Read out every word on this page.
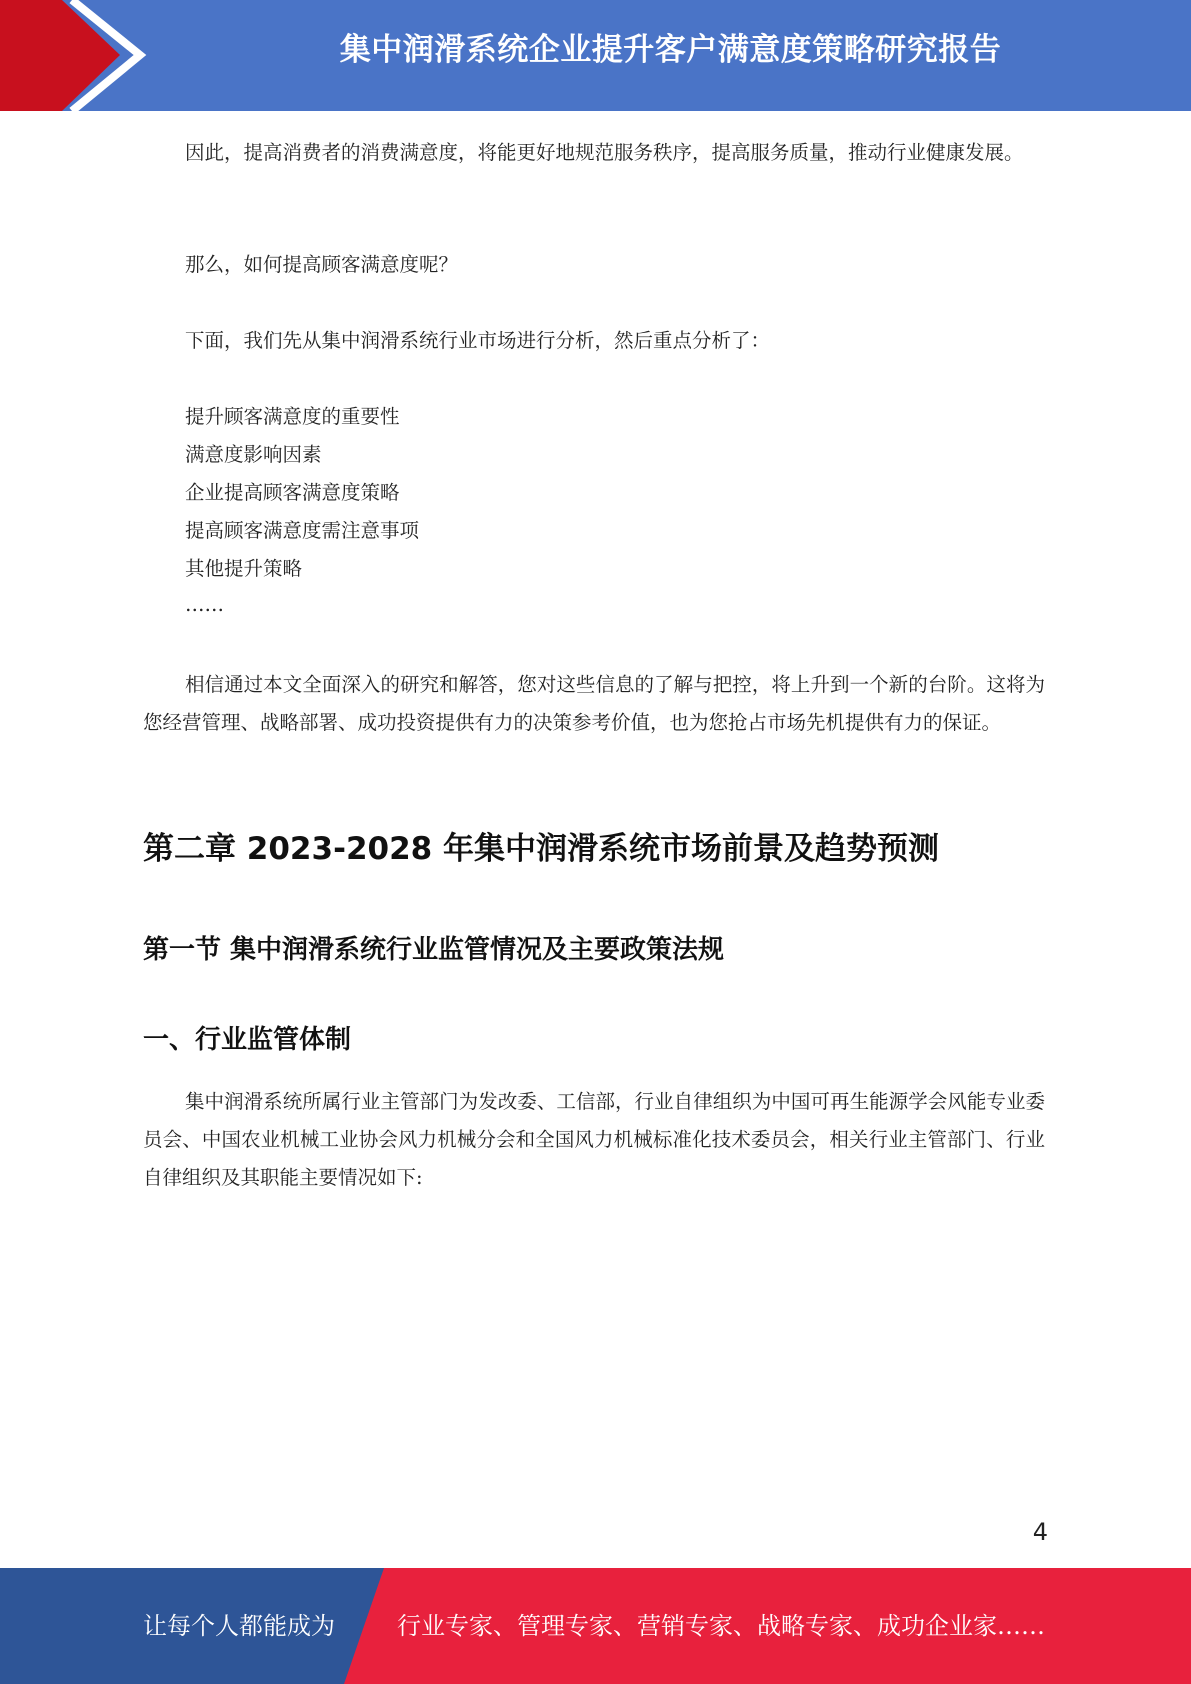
集中润滑系统企业提升客户满意度策略研究报告

因此，提高消费者的消费满意度，将能更好地规范服务秩序，提高服务质量，推动行业健康发展。

那么，如何提高顾客满意度呢？

下面，我们先从集中润滑系统行业市场进行分析，然后重点分析了：

提升顾客满意度的重要性

满意度影响因素

企业提高顾客满意度策略

提高顾客满意度需注意事项

其他提升策略

……

相信通过本文全面深入的研究和解答，您对这些信息的了解与把控，将上升到一个新的台阶。这将为您经营管理、战略部署、成功投资提供有力的决策参考价值，也为您抢占市场先机提供有力的保证。

第二章 2023-2028 年集中润滑系统市场前景及趋势预测
第一节 集中润滑系统行业监管情况及主要政策法规
一、行业监管体制

集中润滑系统所属行业主管部门为发改委、工信部，行业自律组织为中国可再生能源学会风能专业委员会、中国农业机械工业协会风力机械分会和全国风力机械标准化技术委员会，相关行业主管部门、行业自律组织及其职能主要情况如下:

4
让每个人都能成为	行业专家、管理专家、营销专家、战略专家、成功企业家……
